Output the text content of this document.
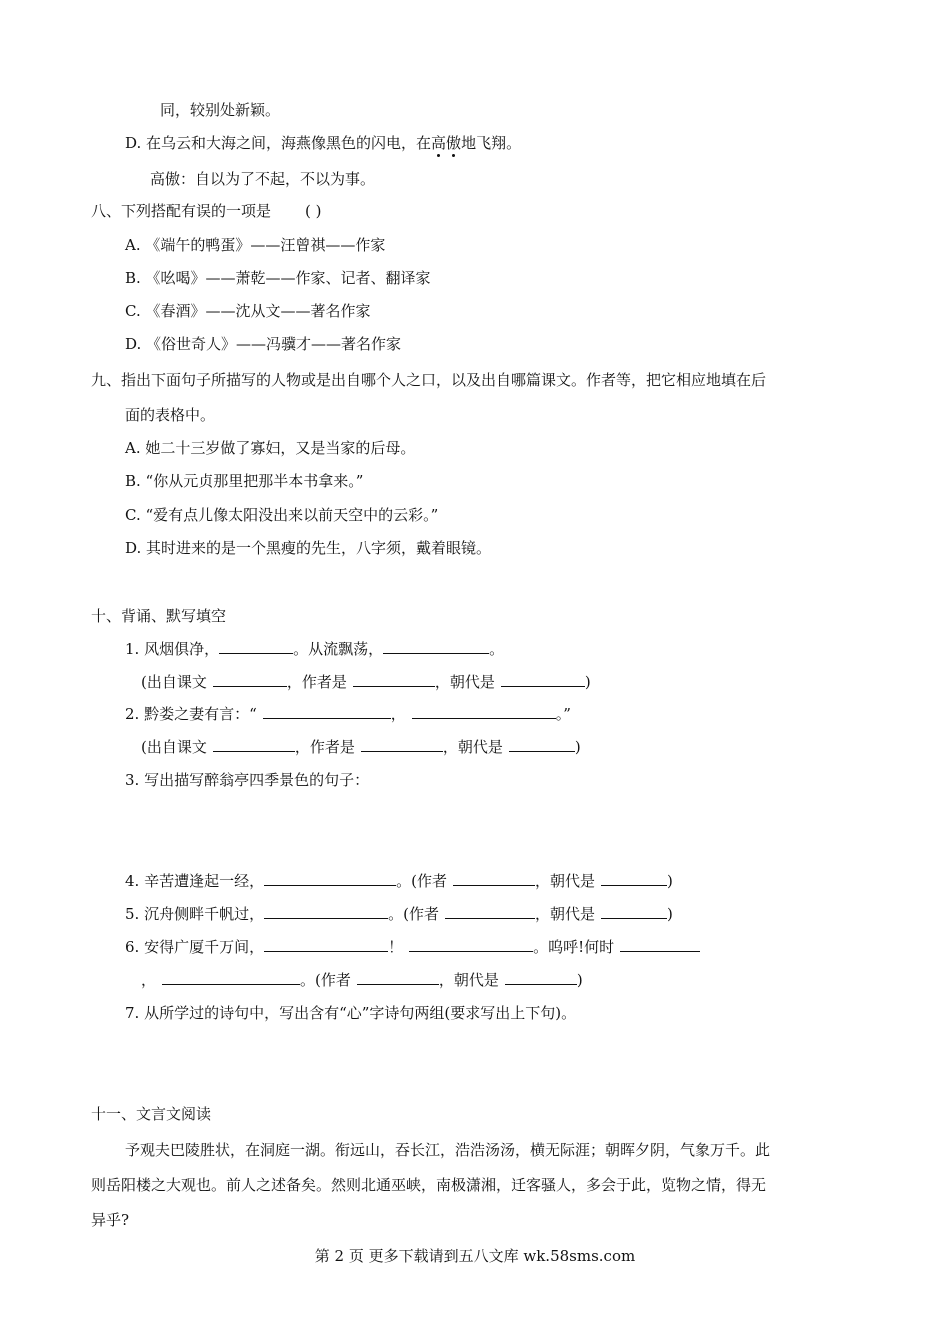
同，较别处新颖。
D. 在乌云和大海之间，海燕像黑色的闪电，在高傲地飞翔。
高傲：自以为了不起，不以为事。
八、下列搭配有误的一项是 ( )
A. 《端午的鸭蛋》——汪曾祺——作家
B. 《吆喝》——萧乾——作家、记者、翻译家
C. 《春酒》——沈从文——著名作家
D. 《俗世奇人》——冯骥才——著名作家
九、指出下面句子所描写的人物或是出自哪个人之口，以及出自哪篇课文。作者等，把它相应地填在后
面的表格中。
A. 她二十三岁做了寡妇，又是当家的后母。
B. “你从元贞那里把那半本书拿来。”
C. “爱有点儿像太阳没出来以前天空中的云彩。”
D. 其时进来的是一个黑瘦的先生，八字须，戴着眼镜。
十、背诵、默写填空
1. 风烟俱净，	。从流飘荡，	。
(出自课文	，作者是	，朝代是	)
2. 黔娄之妻有言：“	，	。”
(出自课文	，作者是	，朝代是	)
3. 写出描写醉翁亭四季景色的句子：
4. 辛苦遭逢起一经，	。(作者	，朝代是	)
5. 沉舟侧畔千帆过，	。(作者	，朝代是	)
6. 安得广厦千万间，	！	。呜呼!何时
，	。(作者	，朝代是	)
7. 从所学过的诗句中，写出含有“心”字诗句两组(要求写出上下句)。
十一、文言文阅读
予观夫巴陵胜状，在洞庭一湖。衔远山，吞长江，浩浩汤汤，横无际涯；朝晖夕阴，气象万千。此
则岳阳楼之大观也。前人之述备矣。然则北通巫峡，南极潇湘，迁客骚人，多会于此，览物之情，得无
异乎?
第 2 页 更多下载请到五八文库 wk.58sms.com
